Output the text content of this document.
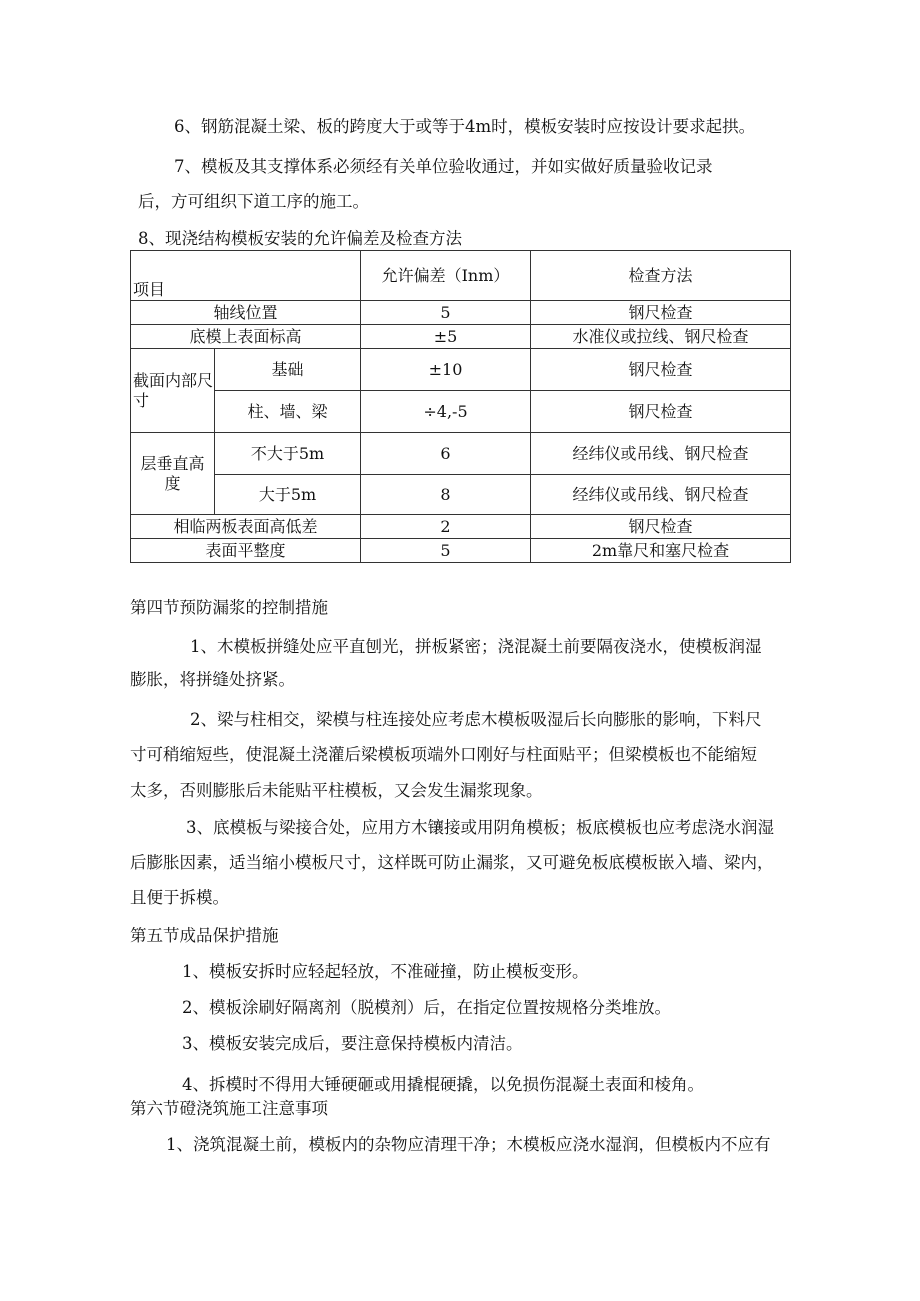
6、钢筋混凝土梁、板的跨度大于或等于4m时，模板安装时应按设计要求起拱。
7、模板及其支撑体系必须经有关单位验收通过，并如实做好质量验收记录
后，方可组织下道工序的施工。
8、现浇结构模板安装的允许偏差及检查方法
项目		允许偏差（Inm）	检查方法
轴线位置		5	钢尺检查
底模上表面标高		±5	水准仪或拉线、钢尺检查
截面内部尺寸	基础	±10	钢尺检查
	柱、墙、梁	÷4,-5	钢尺检查
层垂直高度	不大于5m	6	经纬仪或吊线、钢尺检查
	大于5m	8	经纬仪或吊线、钢尺检查
相临两板表面高低差		2	钢尺检查
表面平整度		5	2m靠尺和塞尺检查
第四节预防漏浆的控制措施
1、木模板拼缝处应平直刨光，拼板紧密；浇混凝土前要隔夜浇水，使模板润湿
膨胀，将拼缝处挤紧。
2、梁与柱相交，梁模与柱连接处应考虑木模板吸湿后长向膨胀的影响，下料尺
寸可稍缩短些，使混凝土浇灌后梁模板项端外口刚好与柱面贴平；但梁模板也不能缩短
太多，否则膨胀后未能贴平柱模板，又会发生漏浆现象。
3、底模板与梁接合处，应用方木镶接或用阴角模板；板底模板也应考虑浇水润湿
后膨胀因素，适当缩小模板尺寸，这样既可防止漏浆，又可避免板底模板嵌入墙、梁内，
且便于拆模。
第五节成品保护措施
1、模板安拆时应轻起轻放，不准碰撞，防止模板变形。
2、模板涂刷好隔离剂（脱模剂）后，在指定位置按规格分类堆放。
3、模板安装完成后，要注意保持模板内清洁。
4、拆模时不得用大锤硬砸或用撬棍硬撬，以免损伤混凝土表面和棱角。
第六节磴浇筑施工注意事项
1、浇筑混凝土前，模板内的杂物应清理干净；木模板应浇水湿润，但模板内不应有
